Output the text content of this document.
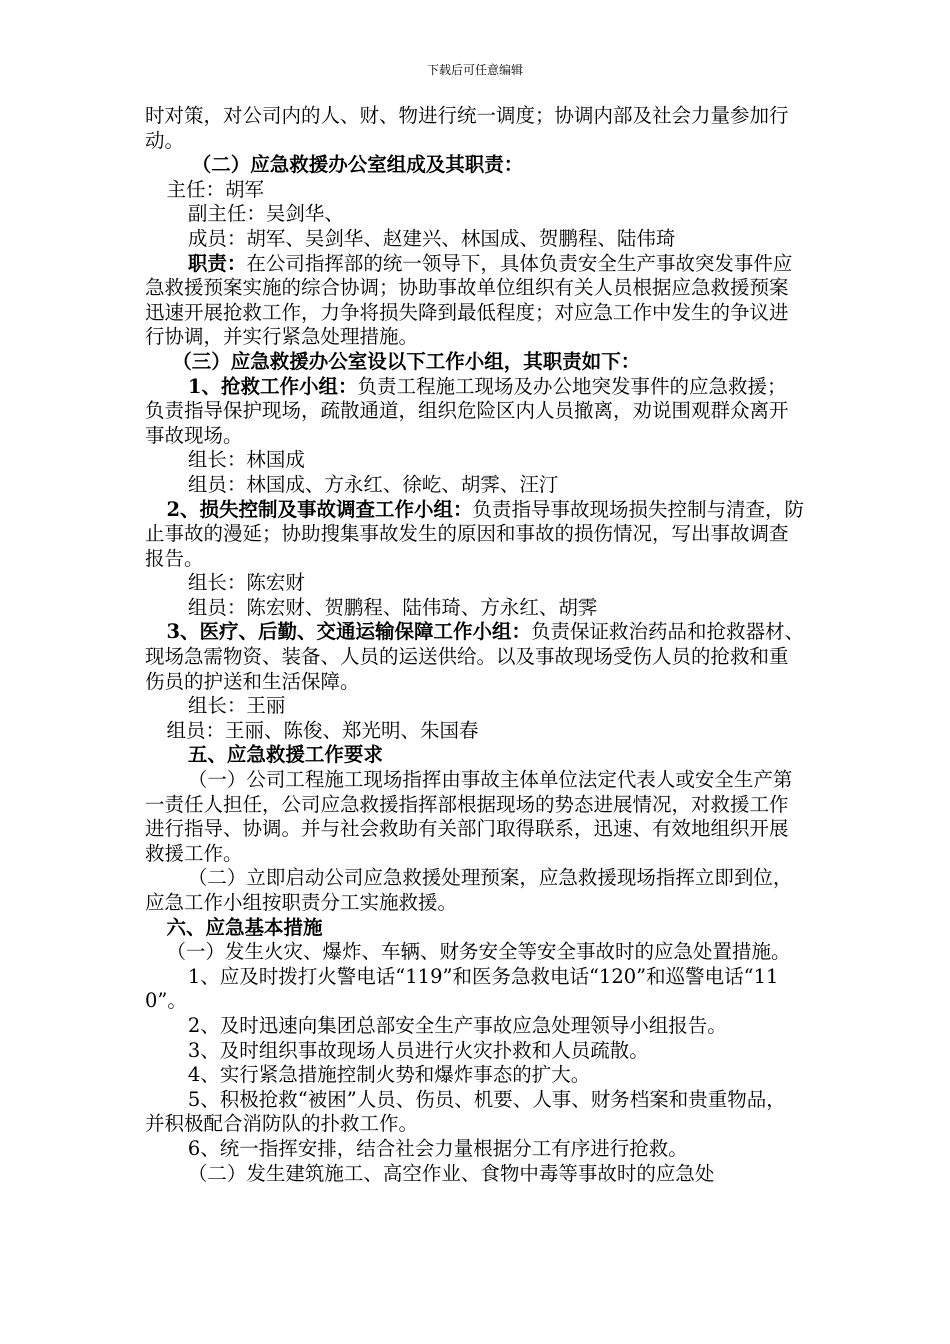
下载后可任意编辑

时对策，对公司内的人、财、物进行统一调度；协调内部及社会力量参加行动。

（二）应急救援办公室组成及其职责：

主任：胡军

副主任：吴剑华、

成员：胡军、吴剑华、赵建兴、林国成、贺鹏程、陆伟琦

职责：在公司指挥部的统一领导下，具体负责安全生产事故突发事件应急救援预案实施的综合协调；协助事故单位组织有关人员根据应急救援预案迅速开展抢救工作，力争将损失降到最低程度；对应急工作中发生的争议进行协调，并实行紧急处理措施。

（三）应急救援办公室设以下工作小组，其职责如下：

1、抢救工作小组：负责工程施工现场及办公地突发事件的应急救援；负责指导保护现场，疏散通道，组织危险区内人员撤离，劝说围观群众离开事故现场。

组长：林国成

组员：林国成、方永红、徐屹、胡霁、汪汀

2、损失控制及事故调查工作小组：负责指导事故现场损失控制与清查，防止事故的漫延；协助搜集事故发生的原因和事故的损伤情况，写出事故调查报告。

组长：陈宏财

组员：陈宏财、贺鹏程、陆伟琦、方永红、胡霁

3、医疗、后勤、交通运输保障工作小组：负责保证救治药品和抢救器材、现场急需物资、装备、人员的运送供给。以及事故现场受伤人员的抢救和重伤员的护送和生活保障。

组长：王丽

组员：王丽、陈俊、郑光明、朱国春

五、应急救援工作要求

（一）公司工程施工现场指挥由事故主体单位法定代表人或安全生产第一责任人担任，公司应急救援指挥部根据现场的势态进展情况，对救援工作进行指导、协调。并与社会救助有关部门取得联系，迅速、有效地组织开展救援工作。

（二）立即启动公司应急救援处理预案，应急救援现场指挥立即到位，应急工作小组按职责分工实施救援。

六、应急基本措施

（一）发生火灾、爆炸、车辆、财务安全等安全事故时的应急处置措施。

1、应及时拨打火警电话“119”和医务急救电话“120”和巡警电话“110”。

2、及时迅速向集团总部安全生产事故应急处理领导小组报告。

3、及时组织事故现场人员进行火灾扑救和人员疏散。

4、实行紧急措施控制火势和爆炸事态的扩大。

5、积极抢救“被困”人员、伤员、机要、人事、财务档案和贵重物品，并积极配合消防队的扑救工作。

6、统一指挥安排，结合社会力量根据分工有序进行抢救。

（二）发生建筑施工、高空作业、食物中毒等事故时的应急处
